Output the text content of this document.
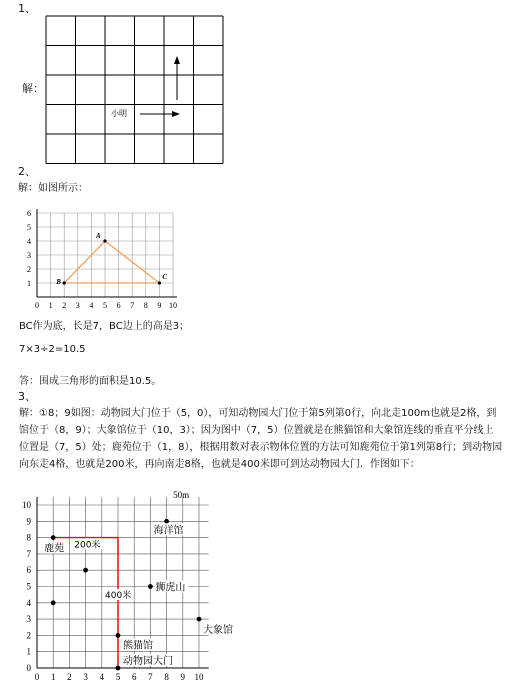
1、
解：
小明
2、
解：如图所示：
0 1 2 3 4 5 6 7 8 9 10
1
2
3
4
5
6
A
B
C
BC作为底，长是7，BC边上的高是3；
7×3÷2=10.5
答：围成三角形的面积是10.5。
3、
解：①8；9如图：动物园大门位于（5，0），可知动物园大门位于第5列第0行，向北走100m也就是2格，到
馆位于（8，9）；大象馆位于（10，3）；因为图中（7，5）位置就是在熊猫馆和大象馆连线的垂直平分线上
位置是（7，5）处；鹿苑位于（1，8），根据用数对表示物体位置的方法可知鹿苑位于第1列第8行；到动物园
向东走4格，也就是200米，再向南走8格，也就是400米即可到达动物园大门．作图如下：
0 1 2 3 4 5 6 7 8 9 10
0
1
2
3
4
5
6
7
8
9
10
50m
200米
400米
鹿苑
海洋馆
狮虎山
大象馆
熊猫馆
动物园大门
